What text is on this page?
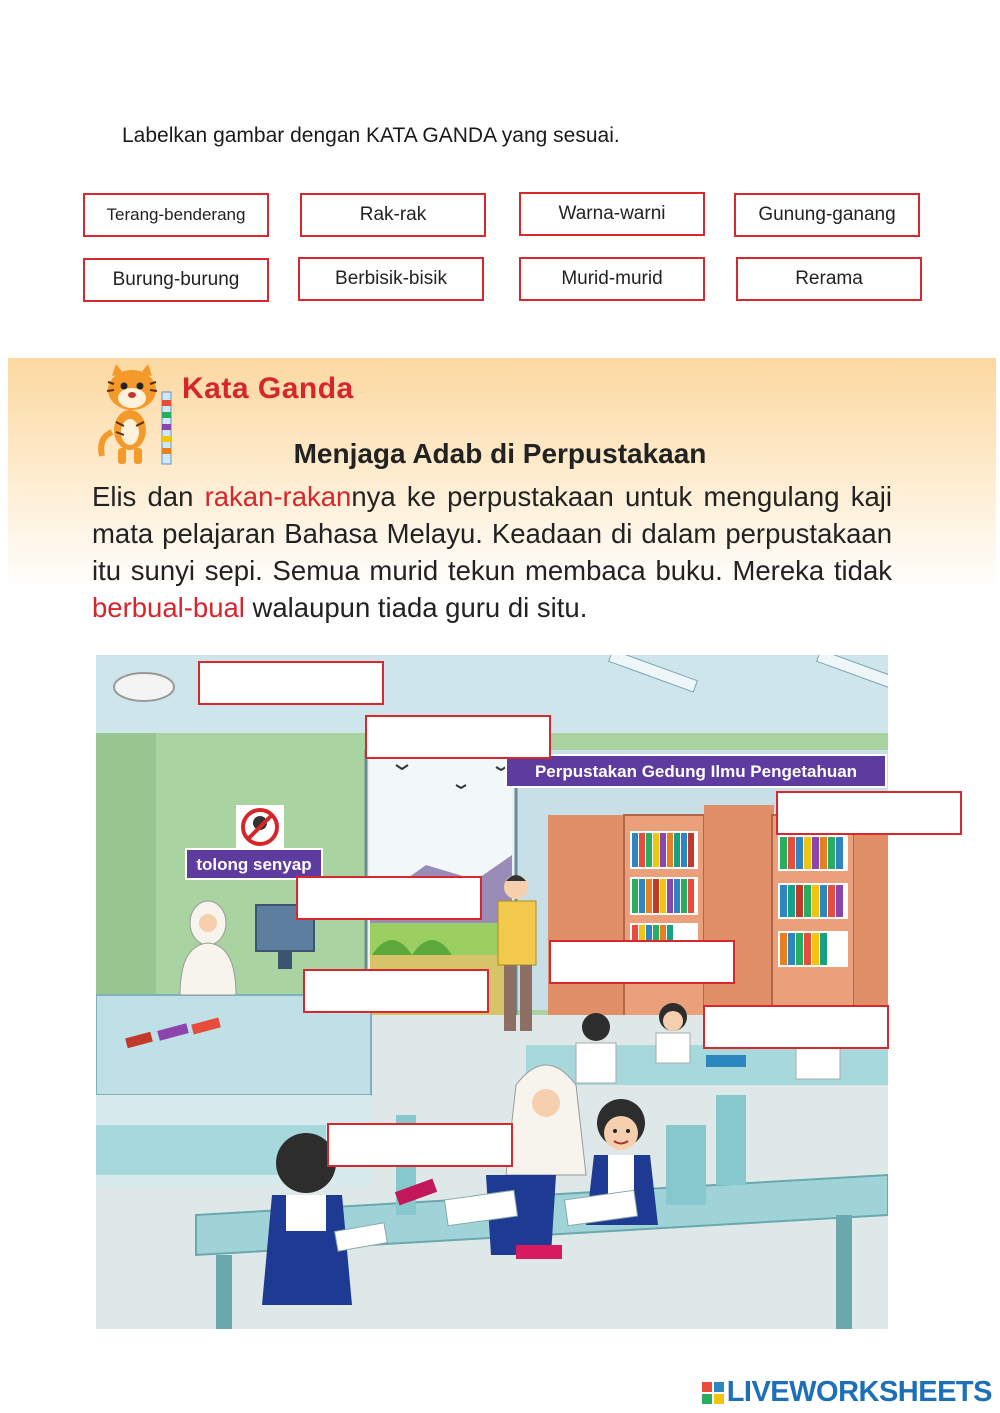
Labelkan gambar dengan KATA GANDA yang sesuai.
Terang-benderang	Rak-rak	Warna-warni	Gunung-ganang
Burung-burung	Berbisik-bisik	Murid-murid	Rerama
Kata Ganda
Menjaga Adab di Perpustakaan
Elis dan rakan-rakannya ke perpustakaan untuk mengulang kaji mata pelajaran Bahasa Melayu. Keadaan di dalam perpustakaan itu sunyi sepi. Semua murid tekun membaca buku. Mereka tidak berbual-bual walaupun tiada guru di situ.
Perpustakan Gedung Ilmu Pengetahuan
tolong senyap
LIVEWORKSHEETS
